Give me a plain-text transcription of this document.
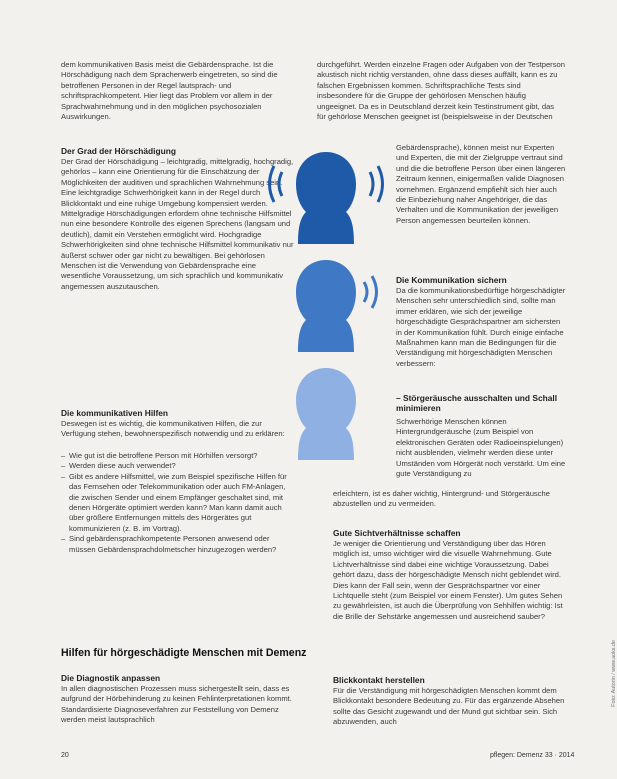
dem kommunikativen Basis meist die Gebärdensprache. Ist die Hörschädigung nach dem Spracherwerb eingetreten, so sind die betroffenen Personen in der Regel lautsprach- und schriftsprachkompetent. Hier liegt das Problem vor allem in der Sprachwahrnehmung und in den möglichen psychosozialen Auswirkungen.

Der Grad der Hörschädigung

Der Grad der Hörschädigung – leichtgradig, mittelgradig, hochgradig, gehörlos – kann eine Orientierung für die Einschätzung der Möglichkeiten der auditiven und sprachlichen Wahrnehmung sein. Eine leichtgradige Schwerhörigkeit kann in der Regel durch Blickkontakt und eine ruhige Umgebung kompensiert werden. Mittelgradige Hörschädigungen erfordern ohne technische Hilfsmittel nun eine besondere Kontrolle des eigenen Sprechens (langsam und deutlich), damit ein Verstehen ermöglicht wird. Hochgradige Schwerhörigkeiten sind ohne technische Hilfsmittel kommunikativ nur äußerst schwer oder gar nicht zu bewältigen. Bei gehörlosen Menschen ist die Verwendung von Gebärdensprache eine wesentliche Voraussetzung, um sich sprachlich und kommunikativ angemessen auszutauschen.

Die kommunikativen Hilfen

Deswegen ist es wichtig, die kommunikativen Hilfen, die zur Verfügung stehen, bewohnerspezifisch notwendig und zu erklären:

– Wie gut ist die betroffene Person mit Hörhilfen versorgt?
– Werden diese auch verwendet?
– Gibt es andere Hilfsmittel, wie zum Beispiel spezifische Hilfen für das Fernsehen oder Telekommunikation oder auch FM-Anlagen, die zwischen Sender und einem Empfänger geschaltet sind, mit denen Hörgeräte optimiert werden kann? Man kann damit auch über größere Entfernungen mittels des Hörgerätes gut kommunizieren (z. B. im Vortrag).
– Sind gebärdensprachkompetente Personen anwesend oder müssen Gebärdensprachdolmetscher hinzugezogen werden?

Hilfen für hörgeschädigte Menschen mit Demenz

Die Diagnostik anpassen

In allen diagnostischen Prozessen muss sichergestellt sein, dass es aufgrund der Hörbehinderung zu keinen Fehlinterpretationen kommt. Standardisierte Diagnoseverfahren zur Feststellung von Demenz werden meist lautsprachlich

durchgeführt. Werden einzelne Fragen oder Aufgaben von der Testperson akustisch nicht richtig verstanden, ohne dass dieses auffällt, kann es zu falschen Ergebnissen kommen. Schriftsprachliche Tests sind insbesondere für die Gruppe der gehörlosen Menschen häufig ungeeignet. Da es in Deutschland derzeit kein Testinstrument gibt, das für gehörlose Menschen geeignet ist (beispielsweise in der Deutschen

Gebärdensprache), können meist nur Experten und Experten, die mit der Zielgruppe vertraut sind und die die betroffene Person über einen längeren Zeitraum kennen, einigermaßen valide Diagnosen vornehmen. Ergänzend empfiehlt sich hier auch die Einbeziehung naher Angehöriger, die das Verhalten und die Kommunikation der jeweiligen Person angemessen beurteilen können.

Die Kommunikation sichern

Da die kommunikationsbedürftige hörgeschädigter Menschen sehr unterschiedlich sind, sollte man immer erklären, wie sich der jeweilige hörgeschädigte Gesprächspartner am sichersten in der Kommunikation fühlt. Durch einige einfache Maßnahmen kann man die Bedingungen für die Verständigung mit hörgeschädigten Menschen verbessern:

– Störgeräusche ausschalten und Schall minimieren

Schwerhörige Menschen können Hintergrundgeräusche (zum Beispiel von elektronischen Geräten oder Radioeinspielungen) nicht ausblenden, vielmehr werden diese unter Umständen vom Hörgerät noch verstärkt. Um eine gute Verständigung zu

erleichtern, ist es daher wichtig, Hintergrund- und Störgeräusche abzustellen und zu vermeiden.

Gute Sichtverhältnisse schaffen

Je weniger die Orientierung und Verständigung über das Hören möglich ist, umso wichtiger wird die visuelle Wahrnehmung. Gute Lichtverhältnisse sind dabei eine wichtige Voraussetzung. Dabei gehört dazu, dass der hörgeschädigte Mensch nicht geblendet wird. Dies kann der Fall sein, wenn der Gesprächspartner vor einer Lichtquelle steht (zum Beispiel vor einem Fenster). Um gutes Sehen zu gewährleisten, ist auch die Überprüfung von Sehhilfen wichtig: Ist die Brille der Sehstärke angemessen und ausreichend sauber?

Blickkontakt herstellen

Für die Verständigung mit hörgeschädigten Menschen kommt dem Blickkontakt besondere Bedeutung zu. Für das ergänzende Absehen sollte das Gesicht zugewandt und der Mund gut sichtbar sein. Sich abzuwenden, auch

20	pflegen: Demenz 33 · 2014
Foto: Autorin / www.aoks.de
